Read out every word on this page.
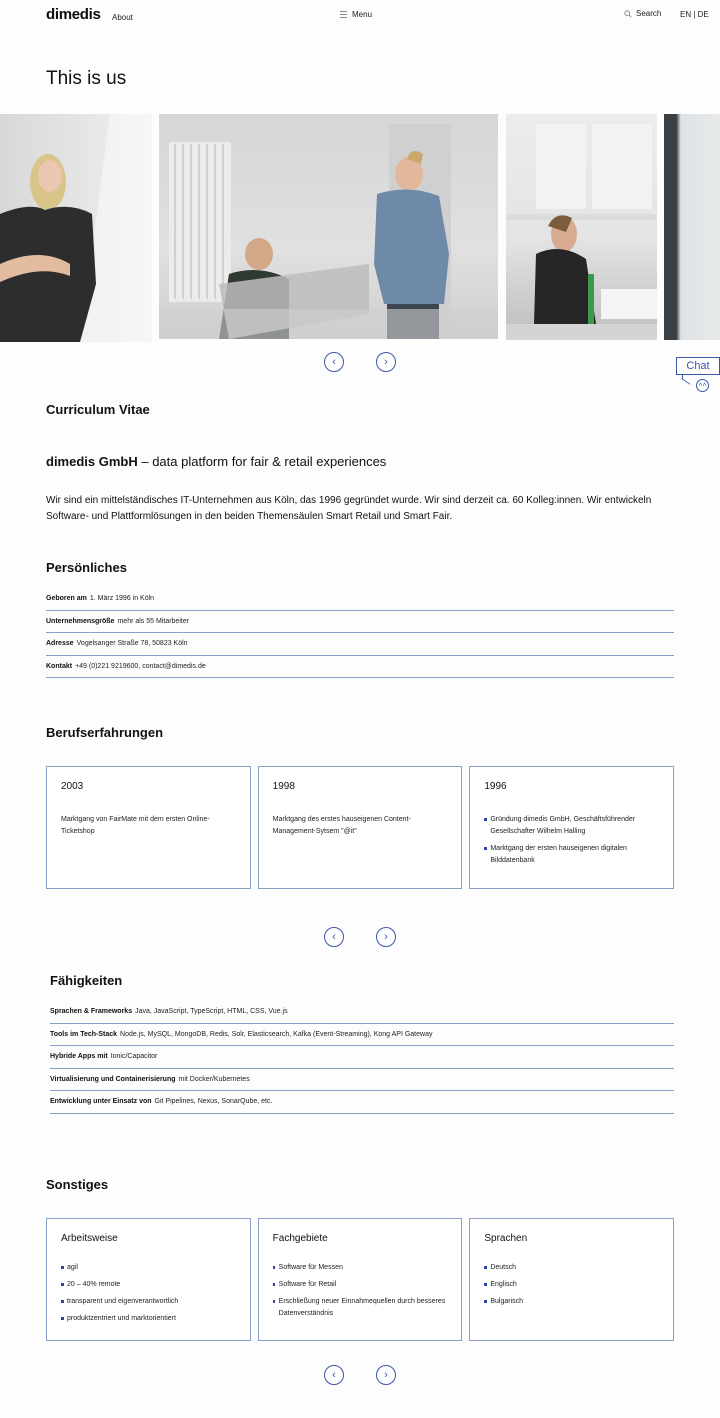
dimedis About	Menu	Search EN | DE
This is us
‹	›	Chat
˄˄
Curriculum Vitae
dimedis GmbH – data platform for fair & retail experiences

Wir sind ein mittelständisches IT-Unternehmen aus Köln, das 1996 gegründet wurde. Wir sind derzeit ca. 60 Kolleg:innen. Wir entwickeln Software- und Plattformlösungen in den beiden Themensäulen Smart Retail und Smart Fair.

Persönliches
Geboren am 1. März 1996 in Köln
Unternehmensgröße mehr als 55 Mitarbeiter
Adresse Vogelsanger Straße 78, 50823 Köln
Kontakt +49 (0)221 9219600, contact@dimedis.de
Berufserfahrungen
2003
Marktgang von FairMate mit dem ersten Online-Ticketshop
1998
Marktgang des erstes hauseigenen Content-Management-Sytsem "@it"
1996
Gründung dimedis GmbH, Geschäftsführender Gesellschafter Wilhelm Halling
Marktgang der ersten hauseigenen digitalen Bilddatenbank
‹	›
Fähigkeiten
Sprachen & Frameworks Java, JavaScript, TypeScript, HTML, CSS, Vue.js
Tools im Tech-Stack Node.js, MySQL, MongoDB, Redis, Solr, Elasticsearch, Kafka (Event-Streaming), Kong API Gateway
Hybride Apps mit Ionic/Capacitor
Virtualisierung und Containerisierung mit Docker/Kubernetes
Entwicklung unter Einsatz von Git Pipelines, Nexus, SonarQube, etc.
Sonstiges
Arbeitsweise
agil
20 – 40% remote
transparent und eigenverantwortlich
produktzentriert und marktorientiert
Fachgebiete
Software für Messen
Software für Retail
Erschließung neuer Einnahmequellen durch besseres Datenverständnis
Sprachen
Deutsch
Englisch
Bulgarisch
‹	›
